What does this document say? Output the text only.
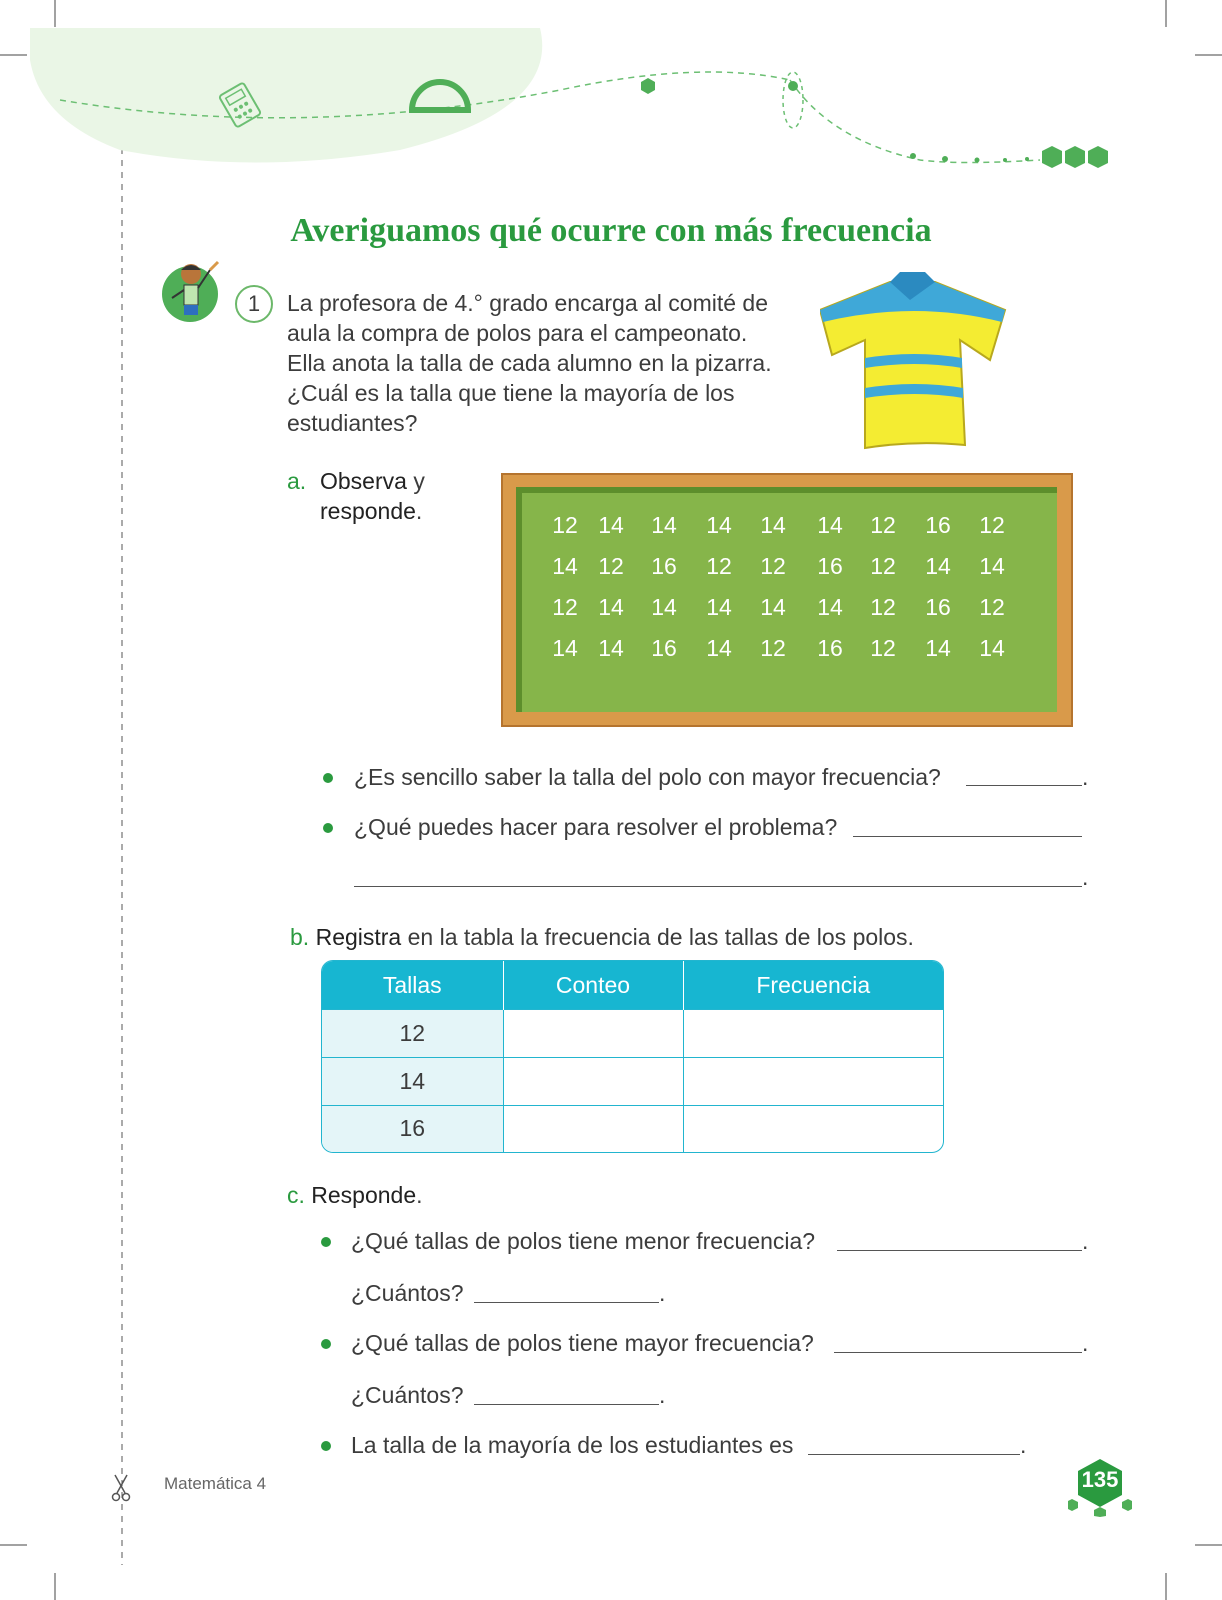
Averiguamos qué ocurre con más frecuencia
1	La profesora de 4.° grado encarga al comité de
aula la compra de polos para el campeonato.
Ella anota la talla de cada alumno en la pizarra.
¿Cuál es la talla que tiene la mayoría de los
estudiantes?
a. Observa y
responde.
12 14	14	14	14	14	12	16	12
14 12	16	12	12	16	12	14	14
12 14	14	14	14	14	12	16	12
14 14	16	14	12	16	12	14	14
¿Es sencillo saber la talla del polo con mayor frecuencia?	.
¿Qué puedes hacer para resolver el problema?
.
b. Registra en la tabla la frecuencia de las tallas de los polos.
Tallas	Conteo	Frecuencia
12		
14		
16		
c. Responde.
¿Qué tallas de polos tiene menor frecuencia?	.
¿Cuántos?	.
¿Qué tallas de polos tiene mayor frecuencia?	.
¿Cuántos?	.
La talla de la mayoría de los estudiantes es	.
Matemática 4	135
